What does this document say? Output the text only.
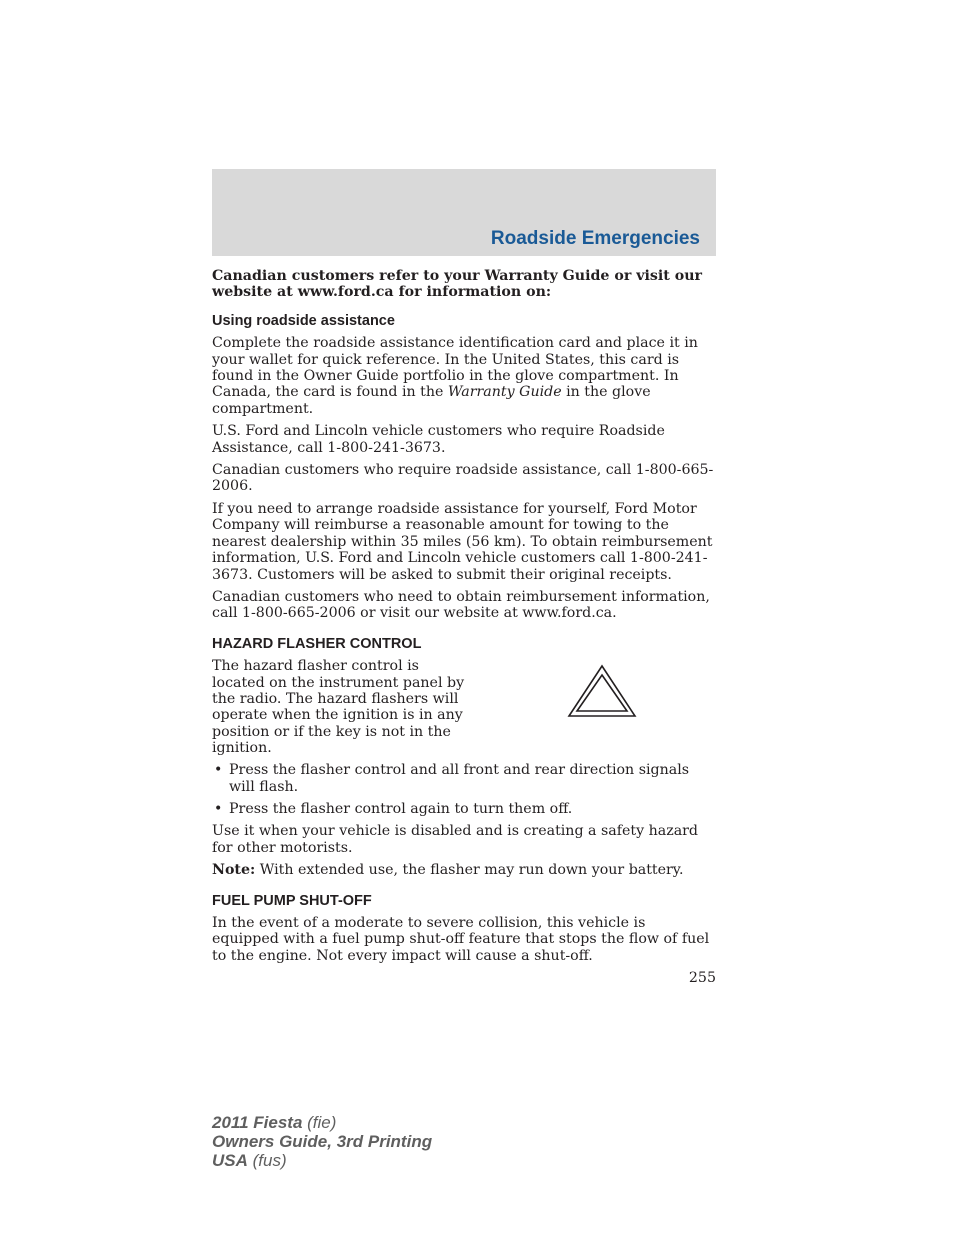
Roadside Emergencies

Canadian customers refer to your Warranty Guide or visit our website at www.ford.ca for information on:

Using roadside assistance

Complete the roadside assistance identification card and place it in your wallet for quick reference. In the United States, this card is found in the Owner Guide portfolio in the glove compartment. In Canada, the card is found in the Warranty Guide in the glove compartment.

U.S. Ford and Lincoln vehicle customers who require Roadside Assistance, call 1-800-241-3673.

Canadian customers who require roadside assistance, call 1-800-665-2006.

If you need to arrange roadside assistance for yourself, Ford Motor Company will reimburse a reasonable amount for towing to the nearest dealership within 35 miles (56 km). To obtain reimbursement information, U.S. Ford and Lincoln vehicle customers call 1-800-241-3673. Customers will be asked to submit their original receipts.

Canadian customers who need to obtain reimbursement information, call 1-800-665-2006 or visit our website at www.ford.ca.

HAZARD FLASHER CONTROL

The hazard flasher control is located on the instrument panel by the radio. The hazard flashers will operate when the ignition is in any position or if the key is not in the ignition.

• Press the flasher control and all front and rear direction signals will flash.
• Press the flasher control again to turn them off.

Use it when your vehicle is disabled and is creating a safety hazard for other motorists.

Note: With extended use, the flasher may run down your battery.

FUEL PUMP SHUT-OFF

In the event of a moderate to severe collision, this vehicle is equipped with a fuel pump shut-off feature that stops the flow of fuel to the engine. Not every impact will cause a shut-off.

255
2011 Fiesta (fie)
Owners Guide, 3rd Printing
USA (fus)
